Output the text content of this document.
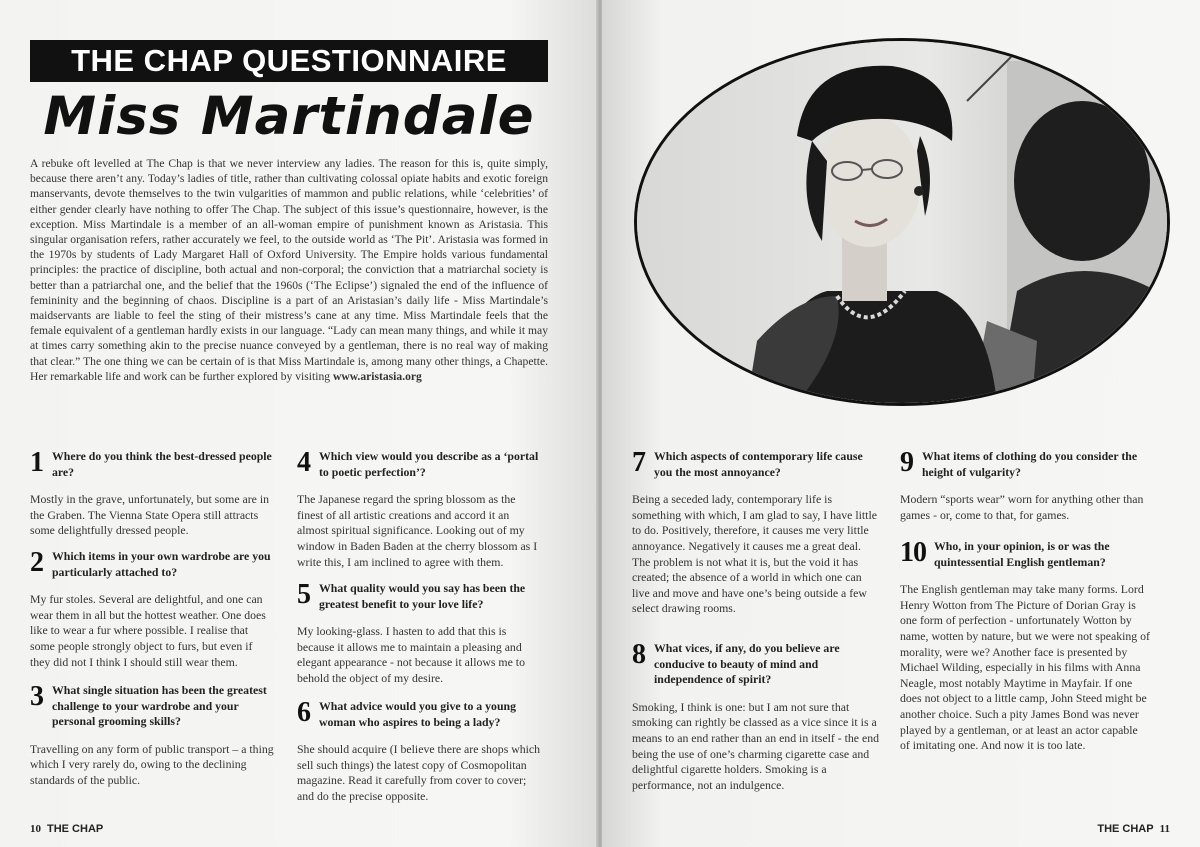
THE CHAP QUESTIONNAIRE
Miss Martindale
A rebuke oft levelled at The Chap is that we never interview any ladies. The reason for this is, quite simply, because there aren’t any. Today’s ladies of title, rather than cultivating colossal opiate habits and exotic foreign manservants, devote themselves to the twin vulgarities of mammon and public relations, while ‘celebrities’ of either gender clearly have nothing to offer The Chap. The subject of this issue’s questionnaire, however, is the exception. Miss Martindale is a member of an all-woman empire of punishment known as Aristasia. This singular organisation refers, rather accurately we feel, to the outside world as ‘The Pit’. Aristasia was formed in the 1970s by students of Lady Margaret Hall of Oxford University. The Empire holds various fundamental principles: the practice of discipline, both actual and non-corporal; the conviction that a matriarchal society is better than a patriarchal one, and the belief that the 1960s (‘The Eclipse’) signaled the end of the influence of femininity and the beginning of chaos. Discipline is a part of an Aristasian’s daily life - Miss Martindale’s maidservants are liable to feel the sting of their mistress’s cane at any time. Miss Martindale feels that the female equivalent of a gentleman hardly exists in our language. “Lady can mean many things, and while it may at times carry something akin to the precise nuance conveyed by a gentleman, there is no real way of making that clear.” The one thing we can be certain of is that Miss Martindale is, among many other things, a Chapette. Her remarkable life and work can be further explored by visiting www.aristasia.org
1 Where do you think the best-dressed people are?
Mostly in the grave, unfortunately, but some are in the Graben. The Vienna State Opera still attracts some delightfully dressed people.
2 Which items in your own wardrobe are you particularly attached to?
My fur stoles. Several are delightful, and one can wear them in all but the hottest weather. One does like to wear a fur where possible. I realise that some people strongly object to furs, but even if they did not I think I should still wear them.
3 What single situation has been the greatest challenge to your wardrobe and your personal grooming skills?
Travelling on any form of public transport – a thing which I very rarely do, owing to the declining standards of the public.
4 Which view would you describe as a ‘portal to poetic perfection’?
The Japanese regard the spring blossom as the finest of all artistic creations and accord it an almost spiritual significance. Looking out of my window in Baden Baden at the cherry blossom as I write this, I am inclined to agree with them.
5 What quality would you say has been the greatest benefit to your love life?
My looking-glass. I hasten to add that this is because it allows me to maintain a pleasing and elegant appearance - not because it allows me to behold the object of my desire.
6 What advice would you give to a young woman who aspires to being a lady?
She should acquire (I believe there are shops which sell such things) the latest copy of Cosmopolitan magazine. Read it carefully from cover to cover; and do the precise opposite.
10 THE CHAP
7 Which aspects of contemporary life cause you the most annoyance?
Being a seceded lady, contemporary life is something with which, I am glad to say, I have little to do. Positively, therefore, it causes me very little annoyance. Negatively it causes me a great deal. The problem is not what it is, but the void it has created; the absence of a world in which one can live and move and have one’s being outside a few select drawing rooms.
8 What vices, if any, do you believe are conducive to beauty of mind and independence of spirit?
Smoking, I think is one: but I am not sure that smoking can rightly be classed as a vice since it is a means to an end rather than an end in itself - the end being the use of one’s charming cigarette case and delightful cigarette holders. Smoking is a performance, not an indulgence.
9 What items of clothing do you consider the height of vulgarity?
Modern “sports wear” worn for anything other than games - or, come to that, for games.
10 Who, in your opinion, is or was the quintessential English gentleman?
The English gentleman may take many forms. Lord Henry Wotton from The Picture of Dorian Gray is one form of perfection - unfortunately Wotton by name, wotten by nature, but we were not speaking of morality, were we? Another face is presented by Michael Wilding, especially in his films with Anna Neagle, most notably Maytime in Mayfair. If one does not object to a little camp, John Steed might be another choice. Such a pity James Bond was never played by a gentleman, or at least an actor capable of imitating one. And now it is too late.
THE CHAP 11
